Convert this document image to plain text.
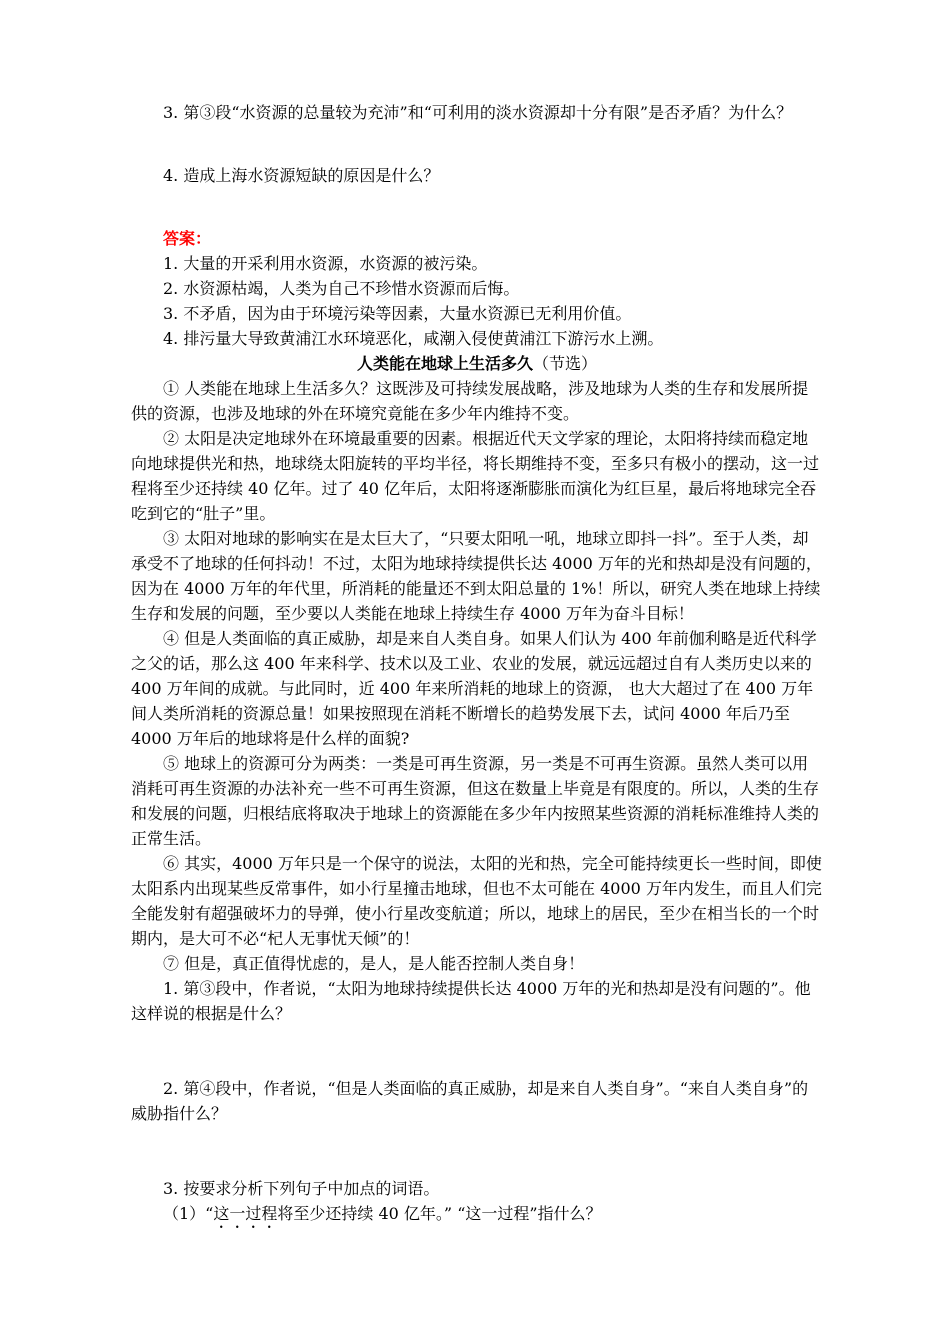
3. 第③段“水资源的总量较为充沛”和“可利用的淡水资源却十分有限”是否矛盾？为什么？

4. 造成上海水资源短缺的原因是什么？

答案：

1. 大量的开采利用水资源，水资源的被污染。

2. 水资源枯竭，人类为自己不珍惜水资源而后悔。

3. 不矛盾，因为由于环境污染等因素，大量水资源已无利用价值。

4. 排污量大导致黄浦江水环境恶化，咸潮入侵使黄浦江下游污水上溯。

人类能在地球上生活多久（节选）

① 人类能在地球上生活多久？这既涉及可持续发展战略，涉及地球为人类的生存和发展所提供的资源，也涉及地球的外在环境究竟能在多少年内维持不变。

② 太阳是决定地球外在环境最重要的因素。根据近代天文学家的理论，太阳将持续而稳定地向地球提供光和热，地球绕太阳旋转的平均半径，将长期维持不变，至多只有极小的摆动，这一过程将至少还持续 40 亿年。过了 40 亿年后，太阳将逐渐膨胀而演化为红巨星，最后将地球完全吞吃到它的“肚子”里。

③ 太阳对地球的影响实在是太巨大了，“只要太阳吼一吼，地球立即抖一抖”。至于人类，却承受不了地球的任何抖动！不过，太阳为地球持续提供长达 4000 万年的光和热却是没有问题的，因为在 4000 万年的年代里，所消耗的能量还不到太阳总量的 1%！所以，研究人类在地球上持续生存和发展的问题，至少要以人类能在地球上持续生存 4000 万年为奋斗目标！

④ 但是人类面临的真正威胁，却是来自人类自身。如果人们认为 400 年前伽利略是近代科学之父的话，那么这 400 年来科学、技术以及工业、农业的发展，就远远超过自有人类历史以来的 400 万年间的成就。与此同时，近 400 年来所消耗的地球上的资源， 也大大超过了在 400 万年间人类所消耗的资源总量！如果按照现在消耗不断增长的趋势发展下去，试问 4000 年后乃至 4000 万年后的地球将是什么样的面貌?

⑤ 地球上的资源可分为两类：一类是可再生资源，另一类是不可再生资源。虽然人类可以用消耗可再生资源的办法补充一些不可再生资源，但这在数量上毕竟是有限度的。所以，人类的生存和发展的问题，归根结底将取决于地球上的资源能在多少年内按照某些资源的消耗标准维持人类的正常生活。

⑥ 其实，4000 万年只是一个保守的说法，太阳的光和热，完全可能持续更长一些时间，即使太阳系内出现某些反常事件，如小行星撞击地球，但也不太可能在 4000 万年内发生，而且人们完全能发射有超强破坏力的导弹，使小行星改变航道；所以，地球上的居民，至少在相当长的一个时期内，是大可不必“杞人无事忧天倾”的！

⑦ 但是，真正值得忧虑的，是人，是人能否控制人类自身！

1. 第③段中，作者说，“太阳为地球持续提供长达 4000 万年的光和热却是没有问题的”。他这样说的根据是什么？

2. 第④段中，作者说，“但是人类面临的真正威胁，却是来自人类自身”。“来自人类自身”的威胁指什么？

3. 按要求分析下列句子中加点的词语。

（1）“这一过程将至少还持续 40 亿年。” “这一过程”指什么？
